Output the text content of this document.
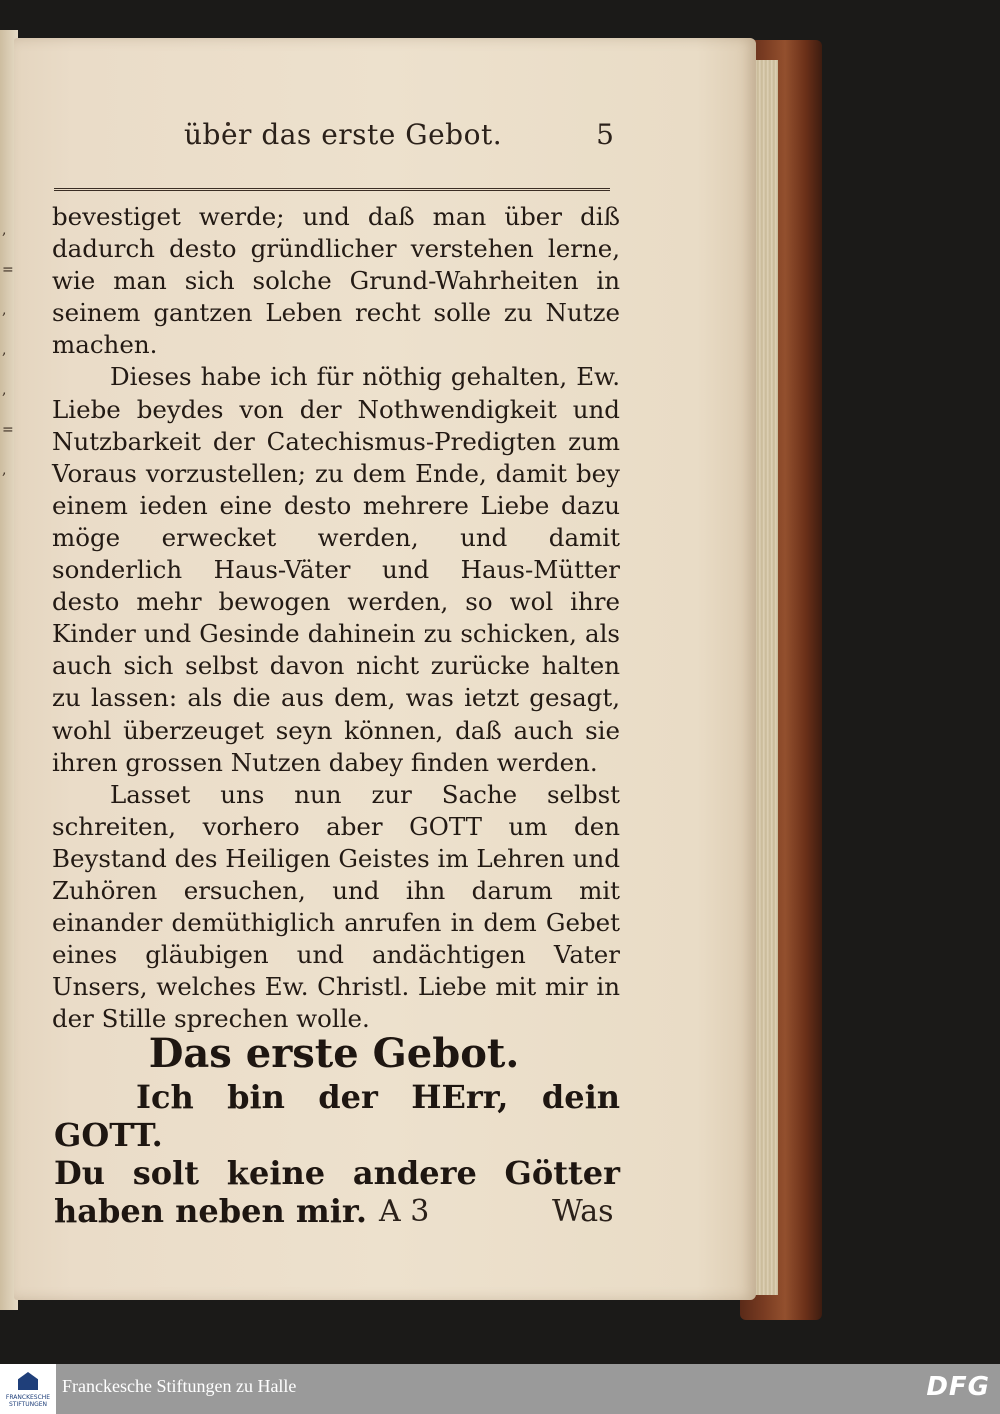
,
=
,
,
,
=
,
über das erste Gebot.	5

bevestiget werde; und daß man über diß dadurch desto gründlicher verstehen lerne, wie man sich solche Grund-Wahrheiten in seinem gantzen Leben recht solle zu Nutze machen.

Dieses habe ich für nöthig gehalten, Ew. Liebe beydes von der Nothwendigkeit und Nutzbarkeit der Catechismus-Predigten zum Voraus vorzustellen; zu dem Ende, damit bey einem ieden eine desto mehrere Liebe dazu möge erwecket werden, und damit sonderlich Haus-Väter und Haus-Mütter desto mehr bewogen werden, so wol ihre Kinder und Gesinde dahinein zu schicken, als auch sich selbst davon nicht zurücke halten zu lassen: als die aus dem, was ietzt gesagt, wohl überzeuget seyn können, daß auch sie ihren grossen Nutzen dabey finden werden.

Lasset uns nun zur Sache selbst schreiten, vorhero aber GOTT um den Beystand des Heiligen Geistes im Lehren und Zuhören ersuchen, und ihn darum mit einander demüthiglich anrufen in dem Gebet eines gläubigen und andächtigen Vater Unsers, welches Ew. Christl. Liebe mit mir in der Stille sprechen wolle.

Das erste Gebot.
Ich bin der HErr, dein GOTT.
Du solt keine andere Götter haben neben mir. A 3	Was
FRANCKESCHE STIFTUNGEN
Franckesche Stiftungen zu Halle	DFG
